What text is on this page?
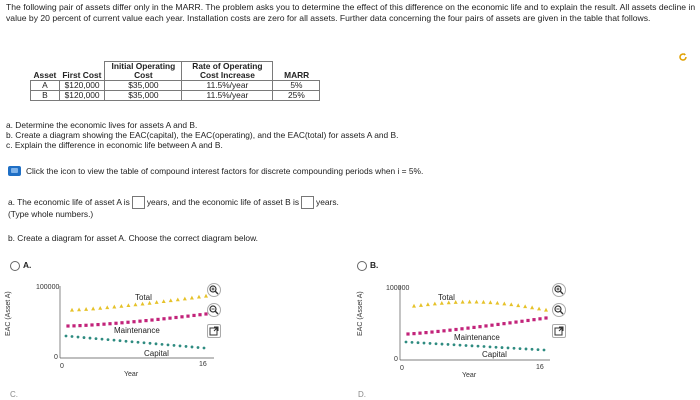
The following pair of assets differ only in the MARR. The problem asks you to determine the effect of this difference on the economic life and to explain the result. All assets decline in value by 20 percent of current value each year. Installation costs are zero for all assets. Further data concerning the four pairs of assets are given in the table that follows.
Asset	First Cost	Initial Operating Cost	Rate of Operating Cost Increase	MARR
A	$120,000	$35,000	11.5%/year	5%
B	$120,000	$35,000	11.5%/year	25%
a. Determine the economic lives for assets A and B.
b. Create a diagram showing the EAC(capital), the EAC(operating), and the EAC(total) for assets A and B.
c. Explain the difference in economic life between A and B.
Click the icon to view the table of compound interest factors for discrete compounding periods when i = 5%.
a. The economic life of asset A is years, and the economic life of asset B is years.
(Type whole numbers.)
b. Create a diagram for asset A. Choose the correct diagram below.
A.
EAC (Asset A)
100000
0
0	16
Year
Total
Maintenance
Capital
B.
EAC (Asset A)
100000
0
0	16
Year
Total
Maintenance
Capital
C.	D.
